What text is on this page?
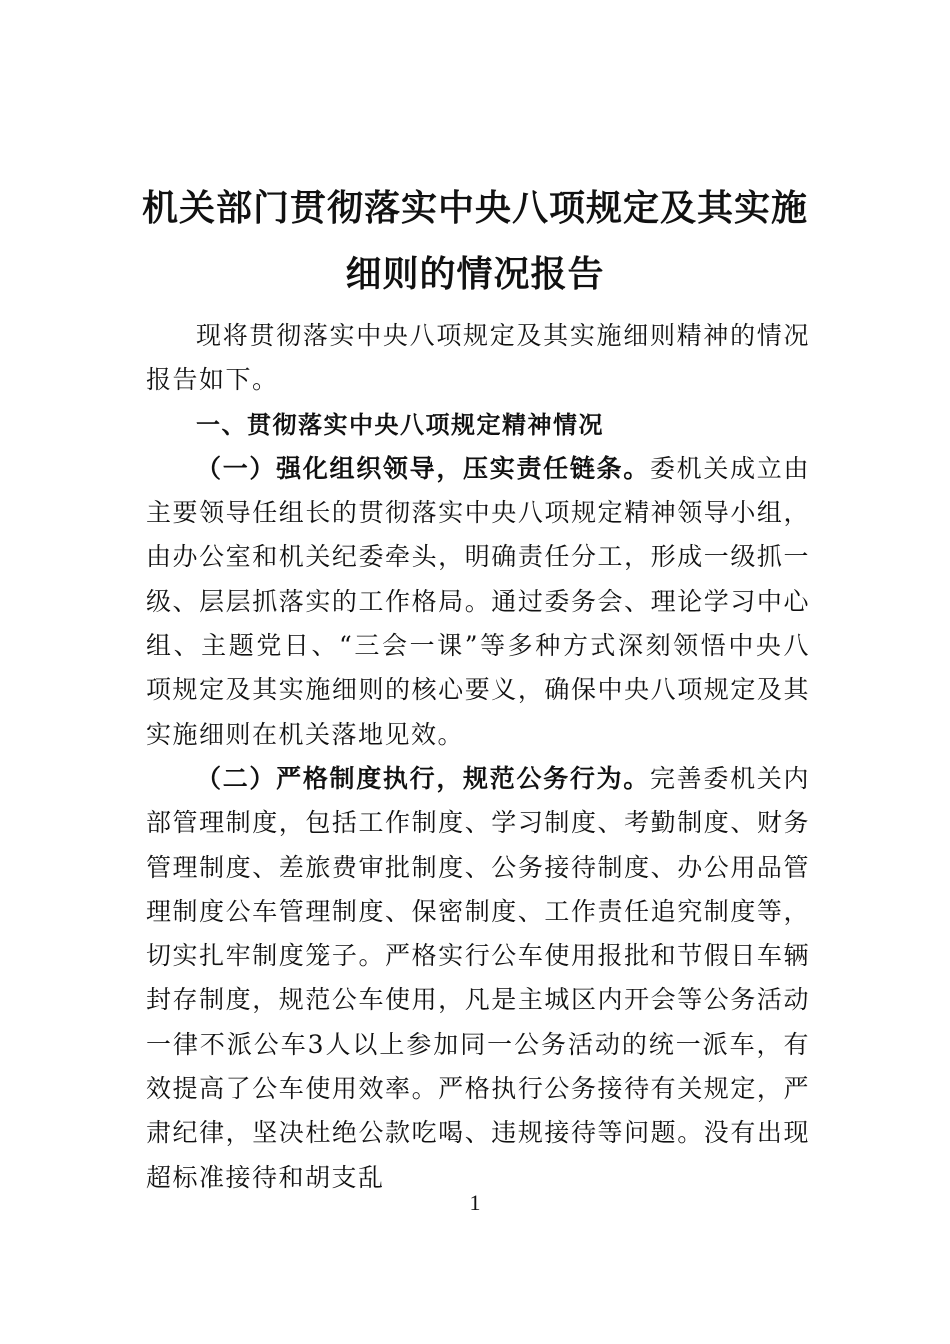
机关部门贯彻落实中央八项规定及其实施
细则的情况报告

现将贯彻落实中央八项规定及其实施细则精神的情况报告如下。

一、贯彻落实中央八项规定精神情况

（一）强化组织领导，压实责任链条。委机关成立由主要领导任组长的贯彻落实中央八项规定精神领导小组，由办公室和机关纪委牵头，明确责任分工，形成一级抓一级、层层抓落实的工作格局。通过委务会、理论学习中心组、主题党日、“三会一课”等多种方式深刻领悟中央八项规定及其实施细则的核心要义，确保中央八项规定及其实施细则在机关落地见效。

（二）严格制度执行，规范公务行为。完善委机关内部管理制度，包括工作制度、学习制度、考勤制度、财务管理制度、差旅费审批制度、公务接待制度、办公用品管理制度公车管理制度、保密制度、工作责任追究制度等，切实扎牢制度笼子。严格实行公车使用报批和节假日车辆封存制度，规范公车使用，凡是主城区内开会等公务活动一律不派公车3人以上参加同一公务活动的统一派车，有效提高了公车使用效率。严格执行公务接待有关规定，严肃纪律，坚决杜绝公款吃喝、违规接待等问题。没有出现超标准接待和胡支乱

1
